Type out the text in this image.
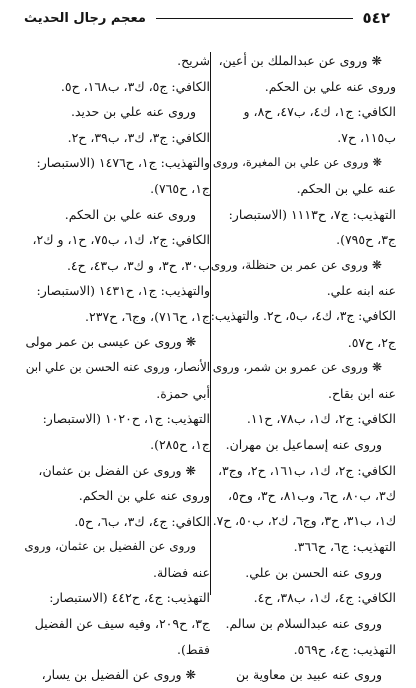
٥٤٢
معجم رجال الحديث
❋ وروى عن عبدالملك بن أعين،
وروى عنه علي بن الحكم.
الكافي: ج١، ك٤، ب٤٧، ح٨، و
ب١١٥، ح٧.
❋ وروى عن علي بن المغيرة، وروى
عنه علي بن الحكم.
التهذيب: ج٧، ح١١١٣ (الاستبصار:
ج٣، ح٧٩٥).
❋ وروى عن عمر بن حنظلة، وروى
عنه ابنه علي.
الكافي: ج٣، ك٤، ب٥، ح٢. والتهذيب:
ج٢، ح٥٧.
❋ وروى عن عمرو بن شمر، وروى
عنه ابن بقاح.
الكافي: ج٢، ك١، ب٧٨، ح١١.
وروى عنه إسماعيل بن مهران.
الكافي: ج٢، ك١، ب١٦١، ح٢، وج٣،
ك٣، ب٨٠، ح٦، وب٨١، ح٣، وح٥،
ك١، ب٣١، ح٣، وج٦، ك٢، ب٥٠، ح٧.
التهذيب: ج٦، ح٣٦٦.
وروى عنه الحسن بن علي.
الكافي: ج٤، ك١، ب٣٨، ح٤.
وروى عنه عبدالسلام بن سالم.
التهذيب: ج٤، ح٥٦٩.
وروى عنه عبيد بن معاوية بن
شريح.
الكافي: ج٥، ك٣، ب١٦٨، ح٥.
وروى عنه علي بن حديد.
الكافي: ج٣، ك٣، ب٣٩، ح٢.
والتهذيب: ج١، ح١٤٧٦ (الاستبصار:
ج١، ح٧٦٥).
وروى عنه علي بن الحكم.
الكافي: ج٢، ك١، ب٧٥، ح١، و ك٢،
ب٣٠، ح٣، و ك٣، ب٤٣، ح٤.
والتهذيب: ج١، ح١٤٣١ (الاستبصار:
ج١، ح٧١٦)، وج٦، ح٢٣٧.
❋ وروى عن عيسى بن عمر مولى
الأنصار، وروى عنه الحسن بن علي ابن
أبي حمزة.
التهذيب: ج١، ح١٠٢٠ (الاستبصار:
ج١، ح٢٨٥).
❋ وروى عن الفضل بن عثمان،
وروى عنه علي بن الحكم.
الكافي: ج٤، ك٣، ب٦، ح٥.
وروى عن الفضيل بن عثمان، وروى
عنه فضالة.
التهذيب: ج٤، ح٤٤٢ (الاستبصار:
ج٣، ح٢٠٩، وفيه سيف عن الفضيل
فقط).
❋ وروى عن الفضيل بن يسار،
